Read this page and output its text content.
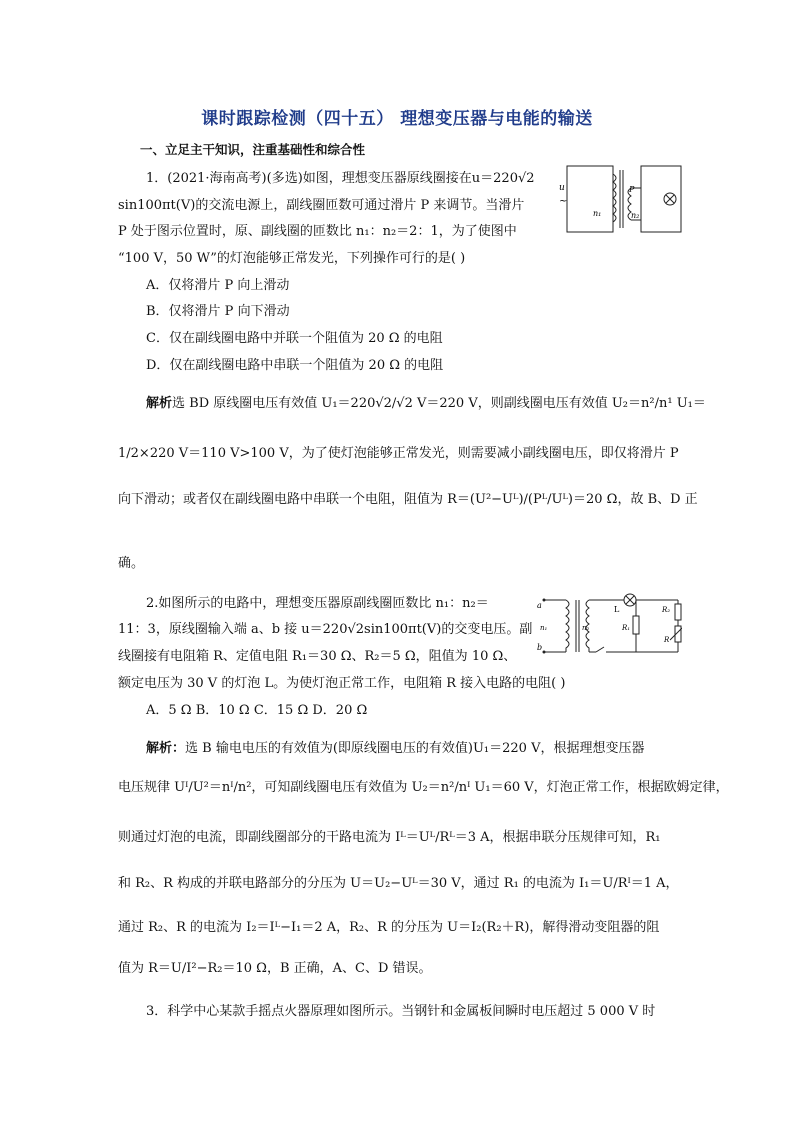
课时跟踪检测（四十五） 理想变压器与电能的输送
一、立足主干知识，注重基础性和综合性
1．(2021·海南高考)(多选)如图，理想变压器原线圈接在u＝220√2
sin100πt(V)的交流电源上，副线圈匝数可通过滑片 P 来调节。当滑片
P 处于图示位置时，原、副线圈的匝数比 n₁：n₂＝2：1，为了使图中
“100 V，50 W”的灯泡能够正常发光，下列操作可行的是( )
u
~
n₁
P
n₂
A．仅将滑片 P 向上滑动
B．仅将滑片 P 向下滑动
C．仅在副线圈电路中并联一个阻值为 20 Ω 的电阻
D．仅在副线圈电路中串联一个阻值为 20 Ω 的电阻
解析选 BD 原线圈电压有效值 U₁＝220√2/√2 V＝220 V，则副线圈电压有效值 U₂＝n²/n¹ U₁＝
1/2×220 V＝110 V>100 V，为了使灯泡能够正常发光，则需要减小副线圈电压，即仅将滑片 P
向下滑动；或者仅在副线圈电路中串联一个电阻，阻值为 R＝(U²−Uᴸ)/(Pᴸ/Uᴸ)＝20 Ω，故 B、D 正
确。
2.如图所示的电路中，理想变压器原副线圈匝数比 n₁：n₂＝
11：3，原线圈输入端 a、b 接 u＝220√2sin100πt(V)的交变电压。副
线圈接有电阻箱 R、定值电阻 R₁＝30 Ω、R₂＝5 Ω，阻值为 10 Ω、
额定电压为 30 V 的灯泡 L。为使灯泡正常工作，电阻箱 R 接入电路的电阻( )
a
b
n₁	n₂
L
R₁
R₂
R
A．5 Ω B．10 Ω C．15 Ω D．20 Ω
解析：选 B 输电电压的有效值为(即原线圈电压的有效值)U₁＝220 V，根据理想变压器
电压规律 Uᴵ/U²＝nᴵ/n²，可知副线圈电压有效值为 U₂＝n²/nᴵ U₁＝60 V，灯泡正常工作，根据欧姆定律，
则通过灯泡的电流，即副线圈部分的干路电流为 Iᴸ＝Uᴸ/Rᴸ＝3 A，根据串联分压规律可知，R₁
和 R₂、R 构成的并联电路部分的分压为 U＝U₂−Uᴸ＝30 V，通过 R₁ 的电流为 I₁＝U/Rᴵ＝1 A，
通过 R₂、R 的电流为 I₂＝Iᴸ−I₁＝2 A，R₂、R 的分压为 U＝I₂(R₂＋R)，解得滑动变阻器的阻
值为 R＝U/I²−R₂＝10 Ω，B 正确，A、C、D 错误。
3．科学中心某款手摇点火器原理如图所示。当钢针和金属板间瞬时电压超过 5 000 V 时
